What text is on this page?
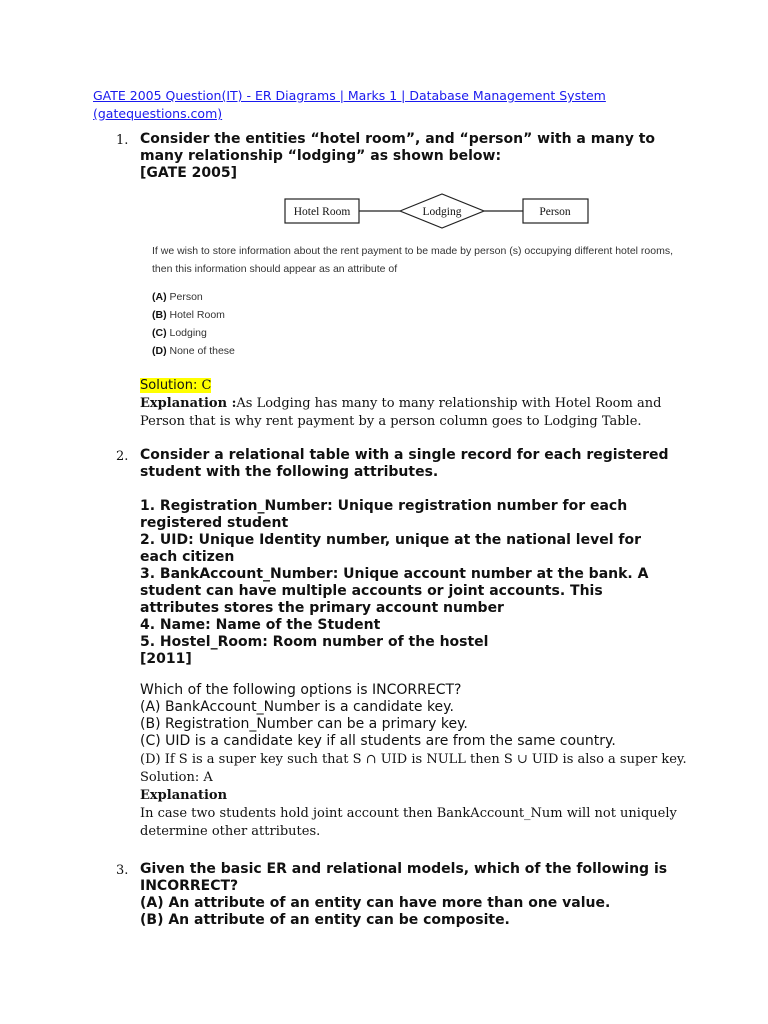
GATE 2005 Question(IT) - ER Diagrams | Marks 1 | Database Management System
(gatequestions.com)
1. Consider the entities “hotel room”, and “person” with a many to
many relationship “lodging” as shown below:
[GATE 2005]
Hotel Room	Lodging	Person
If we wish to store information about the rent payment to be made by person (s) occupying different hotel rooms,
then this information should appear as an attribute of
(A) Person
(B) Hotel Room
(C) Lodging
(D) None of these
Solution: C
Explanation :As Lodging has many to many relationship with Hotel Room and
Person that is why rent payment by a person column goes to Lodging Table.
2. Consider a relational table with a single record for each registered
student with the following attributes.
1. Registration_Number: Unique registration number for each
registered student
2. UID: Unique Identity number, unique at the national level for
each citizen
3. BankAccount_Number: Unique account number at the bank. A
student can have multiple accounts or joint accounts. This
attributes stores the primary account number
4. Name: Name of the Student
5. Hostel_Room: Room number of the hostel
[2011]
Which of the following options is INCORRECT?
(A) BankAccount_Number is a candidate key.
(B) Registration_Number can be a primary key.
(C) UID is a candidate key if all students are from the same country.
(D) If S is a super key such that S ∩ UID is NULL then S ∪ UID is also a super key.
Solution: A
Explanation
In case two students hold joint account then BankAccount_Num will not uniquely
determine other attributes.
3. Given the basic ER and relational models, which of the following is
INCORRECT?
(A) An attribute of an entity can have more than one value.
(B) An attribute of an entity can be composite.
